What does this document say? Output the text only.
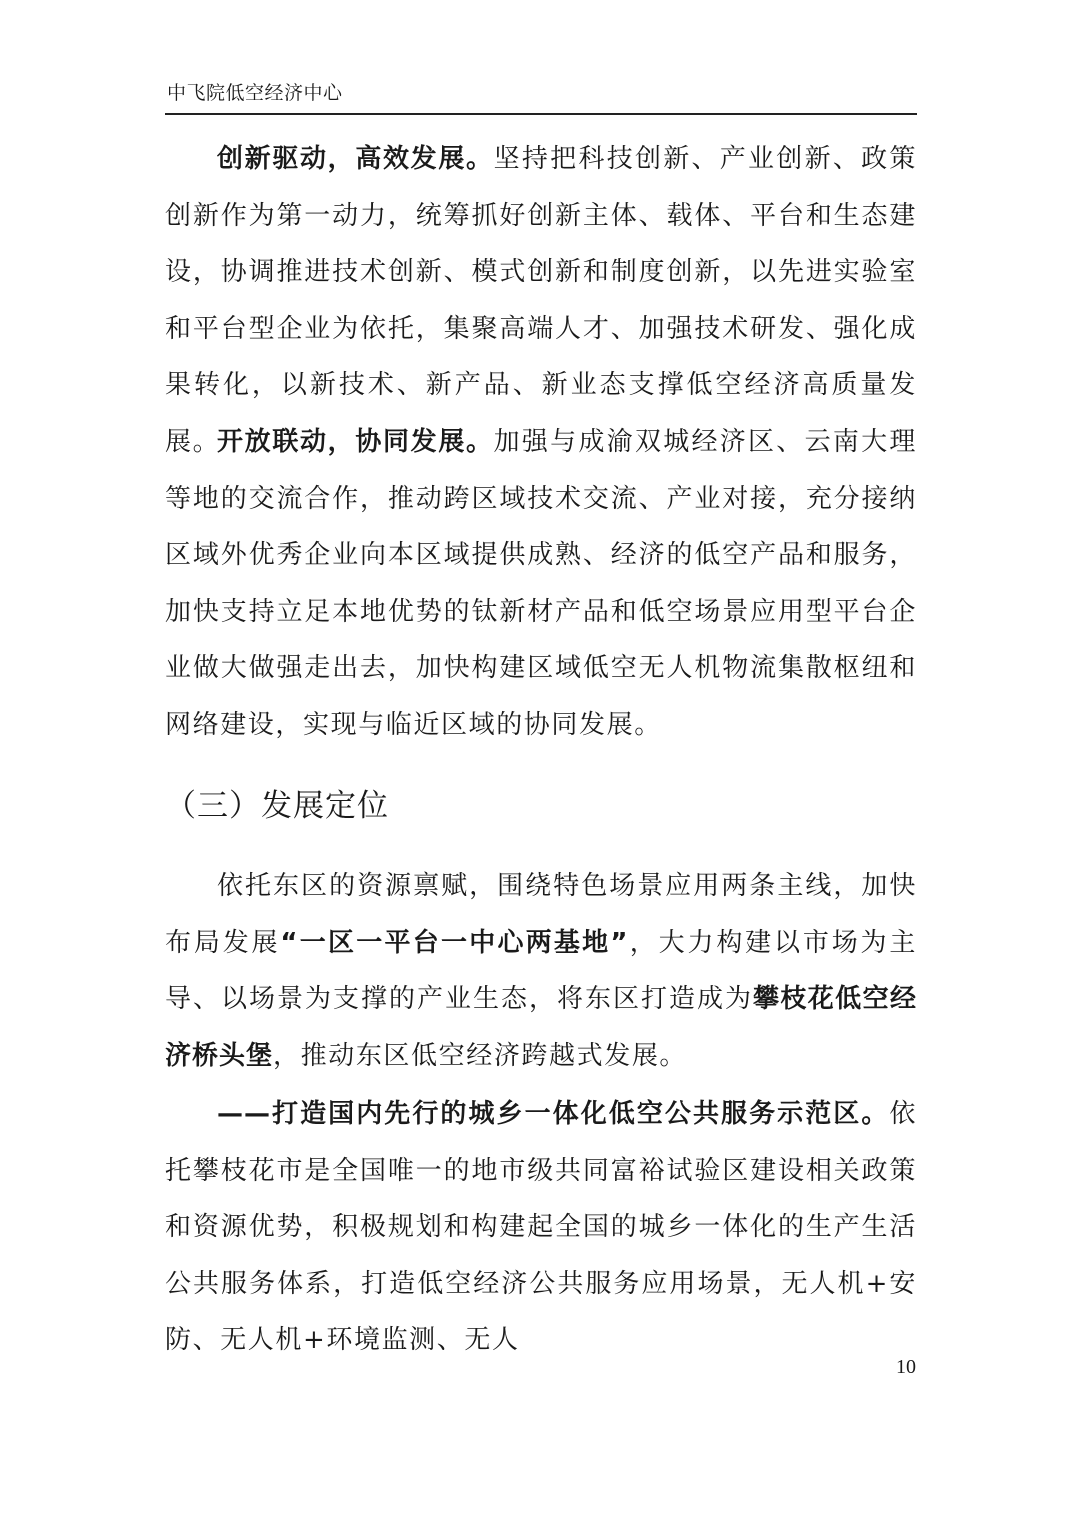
中飞院低空经济中心

创新驱动，高效发展。坚持把科技创新、产业创新、政策创新作为第一动力，统筹抓好创新主体、载体、平台和生态建设，协调推进技术创新、模式创新和制度创新，以先进实验室和平台型企业为依托，集聚高端人才、加强技术研发、强化成果转化，以新技术、新产品、新业态支撑低空经济高质量发展。

开放联动，协同发展。加强与成渝双城经济区、云南大理等地的交流合作，推动跨区域技术交流、产业对接，充分接纳区域外优秀企业向本区域提供成熟、经济的低空产品和服务，加快支持立足本地优势的钛新材产品和低空场景应用型平台企业做大做强走出去，加快构建区域低空无人机物流集散枢纽和网络建设，实现与临近区域的协同发展。

（三）发展定位

依托东区的资源禀赋，围绕特色场景应用两条主线，加快布局发展“一区一平台一中心两基地”，大力构建以市场为主导、以场景为支撑的产业生态，将东区打造成为攀枝花低空经济桥头堡，推动东区低空经济跨越式发展。

——打造国内先行的城乡一体化低空公共服务示范区。依托攀枝花市是全国唯一的地市级共同富裕试验区建设相关政策和资源优势，积极规划和构建起全国的城乡一体化的生产生活公共服务体系，打造低空经济公共服务应用场景，无人机+安防、无人机+环境监测、无人

10
